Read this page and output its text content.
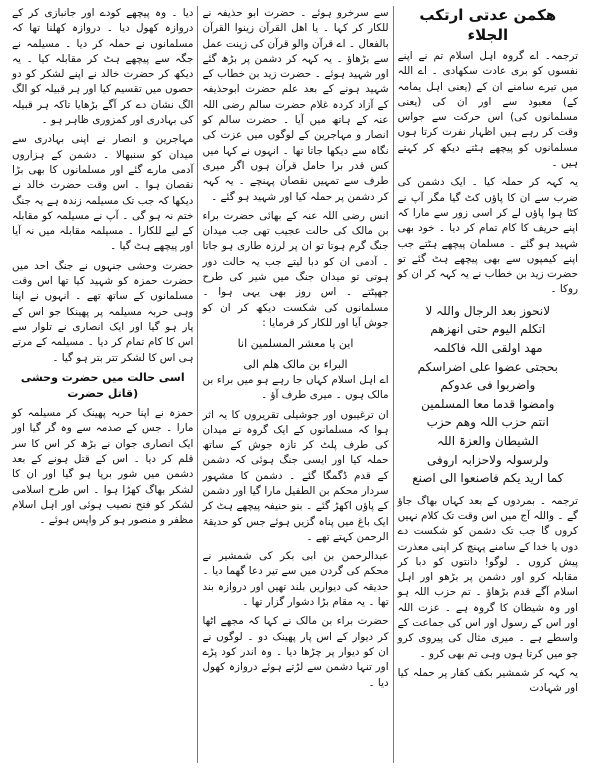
ھکمن عدتی ارتکب الجلاء

ترجمہ۔ اے گروہ اہل اسلام تم نے اپنے نفسوں کو بری عادت سکھادی ۔ اے اللہ میں تیرے سامنے ان کے (یعنی اہل یمامہ کے) معبود سے اور ان کی (یعنی مسلمانوں کی) اس حرکت سے جواس وقت کر رہے ہیں اظہار نفرت کرتا ہوں مسلمانوں کو پیچھے ہٹتے دیکھ کر کہتے ہیں ۔

یہ کہہ کر حملہ کیا ۔ ایک دشمن کی ضرب سے ان کا پاؤں کٹ گیا مگر آپ نے کٹا ہوا پاؤں لے کر اسی زور سے مارا کہ اپنے حریف کا کام تمام کر دیا ۔ خود بھی شہید ہو گئے ۔ مسلمان پیچھے ہٹتے جب اپنے کیمپوں سے بھی پیچھے ہٹ گئے تو حضرت زید بن خطاب نے یہ کہہ کر ان کو روکا ۔

لانحوز بعد الرجال واللہ لا

اتکلم الیوم حتی انھزھم

مھد اولقی اللہ فاکلمہ

بحجتی عضوا علی اضراسکم

واضربوا فی عدوکم

وامضوا قدما معا المسلمین

انتم حزب اللہ وھم حزب

الشیطان والعزۃ اللہ

ولرسولہ ولاحزابہ اروفی

کما ارید یکم فاصنعوا الی اصنع

ترجمہ ۔ بمردوں کے بعد کہاں بھاگ جاؤ گے ۔ واللہ آج میں اس وقت تک کلام نہیں کروں گا جب تک دشمن کو شکست دے دوں یا خدا کے سامنے پہنچ کر اپنی معذرت پیش کروں ۔ لوگو! دانتوں کو دبا کر مقابلہ کرو اور دشمن پر بڑھو اور اہل اسلام آگے قدم بڑھاؤ ۔ تم حزب اللہ ہو اور وہ شیطان کا گروہ ہے ۔ عزت اللہ اور اس کے رسول اور اس کی جماعت کے واسطے ہے ۔ میری مثال کی پیروی کرو جو میں کرتا ہوں وہی تم بھی کرو ۔

یہ کہہ کر شمشیر بکف کفار پر حملہ کیا اور شہادت

سے سرخرو ہوئے ۔ حضرت ابو حذیفہ نے للکار کر کہا ۔ یا اھل القرآن زینوا القرآن بالفعال ۔ اے قرآن والو قرآن کی زینت عمل سے بڑھاؤ ۔ یہ کہہ کر دشمن پر بڑھ گئے اور شہید ہوئے ۔ حضرت زید بن خطاب کے شہید ہونے کے بعد علم حضرت ابوحذیفہ کے آزاد کردہ غلام حضرت سالم رضی اللہ عنہ کے ہاتھ میں آیا ۔ حضرت سالم کو انصار و مہاجرین کے لوگوں میں عزت کی نگاہ سے دیکھا جاتا تھا ۔ انہوں نے کہا میں کس قدر برا حامل قرآن ہوں اگر میری طرف سے تمہیں نقصان پہنچے ۔ یہ کہہ کر دشمن پر حملہ کیا اور شہید ہو گئے ۔

انس رضی اللہ عنہ کے بھائی حضرت براء بن مالک کی حالت عجیب تھی جب میدان جنگ گرم ہوتا تو ان پر لرزہ طاری ہو جاتا ۔ آدمی ان کو دبا لیتے جب یہ حالت دور ہوتی تو میدان جنگ میں شیر کی طرح جھپٹتے ۔ اس روز بھی یہی ہوا ۔ مسلمانوں کی شکست دیکھ کر ان کو جوش آیا اور للکار کر فرمایا :

این یا معشر المسلمین انا

البراء بن مالک ھلم الی

اے اہل اسلام کہاں جا رہے ہو میں براء بن مالک ہوں ۔ میری طرف آؤ ۔

ان ترغیبوں اور جوشیلی تقریروں کا یہ اثر ہوا کہ مسلمانوں کے ایک گروہ نے میدان کی طرف پلٹ کر تازہ جوش کے ساتھ حملہ کیا اور ایسی جنگ ہوئی کہ دشمن کے قدم ڈگمگا گئے ۔ دشمن کا مشہور سردار محکم بن الطفیل مارا گیا اور دشمن کے پاؤں اکھڑ گئے ۔ بنو حنیفہ پیچھے ہٹ کر ایک باغ میں پناہ گزیں ہوئے جس کو حدیقۃ الرحمن کہتے تھے ۔

عبدالرحمن بن ابی بکر کی شمشیر نے محکم کی گردن میں سے تیر دعا گھما دیا ۔ حدیقہ کی دیواریں بلند تھیں اور دروازہ بند تھا ۔ یہ مقام بڑا دشوار گزار تھا ۔

حضرت براء بن مالک نے کہا کہ مجھے اٹھا کر دیوار کے اس پار پھینک دو ۔ لوگوں نے ان کو دیوار پر چڑھا دیا ۔ وہ اندر کود پڑے اور تنہا دشمن سے لڑتے ہوئے دروازہ کھول دیا ۔

دیا ۔ وہ پیچھے کودے اور جانبازی کر کے دروازہ کھول دیا ۔ دروازہ کھلنا تھا کہ مسلمانوں نے حملہ کر دیا ۔ مسیلمہ نے جگہ سے پیچھے ہٹ کر مقابلہ کیا ۔ یہ دیکھ کر حضرت خالد نے اپنے لشکر کو دو حصوں میں تقسیم کیا اور ہر قبیلہ کو الگ الگ نشان دے کر آگے بڑھایا تاکہ ہر قبیلہ کی بہادری اور کمزوری ظاہر ہو ۔

مہاجرین و انصار نے اپنی بہادری سے میدان کو سنبھالا ۔ دشمن کے ہزاروں آدمی مارے گئے اور مسلمانوں کا بھی بڑا نقصان ہوا ۔ اس وقت حضرت خالد نے دیکھا کہ جب تک مسیلمہ زندہ ہے یہ جنگ ختم نہ ہو گی ۔ آپ نے مسیلمہ کو مقابلہ کے لیے للکارا ۔ مسیلمہ مقابلہ میں نہ آیا اور پیچھے ہٹ گیا ۔

حضرت وحشی جنہوں نے جنگ احد میں حضرت حمزہ کو شہید کیا تھا اس وقت مسلمانوں کے ساتھ تھے ۔ انہوں نے اپنا وہی حربہ مسیلمہ پر پھینکا جو اس کے پار ہو گیا اور ایک انصاری نے تلوار سے اس کا کام تمام کر دیا ۔ مسیلمہ کے مرتے ہی اس کا لشکر تتر بتر ہو گیا ۔

اسی حالت میں حضرت وحشی (قاتل حضرت

حمزہ نے اپنا حربہ پھینک کر مسیلمہ کو مارا ۔ جس کے صدمہ سے وہ گر گیا اور ایک انصاری جوان نے بڑھ کر اس کا سر قلم کر دیا ۔ اس کے قتل ہونے کے بعد دشمن میں شور برپا ہو گیا اور ان کا لشکر بھاگ کھڑا ہوا ۔ اس طرح اسلامی لشکر کو فتح نصیب ہوئی اور اہل اسلام مظفر و منصور ہو کر واپس ہوئے ۔
